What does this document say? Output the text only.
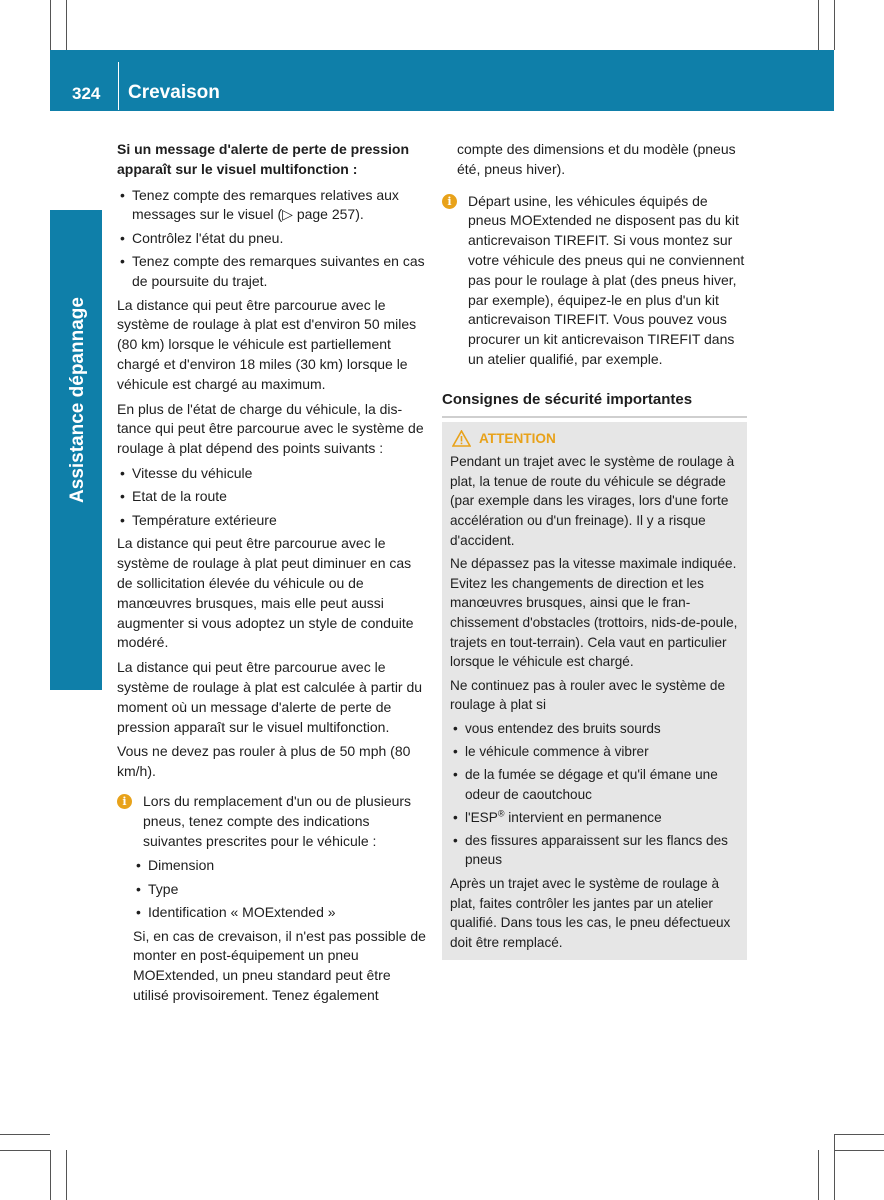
324 Crevaison
Assistance dépannage

Si un message d'alerte de perte de pression apparaît sur le visuel multifonction :

• Tenez compte des remarques relatives aux messages sur le visuel (▷ page 257).
• Contrôlez l'état du pneu.
• Tenez compte des remarques suivantes en cas de poursuite du trajet.

La distance qui peut être parcourue avec le système de roulage à plat est d'environ 50 miles (80 km) lorsque le véhicule est partiellement chargé et d'environ 18 miles (30 km) lorsque le véhicule est chargé au maximum.

En plus de l'état de charge du véhicule, la distance qui peut être parcourue avec le système de roulage à plat dépend des points suivants :

• Vitesse du véhicule
• Etat de la route
• Température extérieure

La distance qui peut être parcourue avec le système de roulage à plat peut diminuer en cas de sollicitation élevée du véhicule ou de manœuvres brusques, mais elle peut aussi augmenter si vous adoptez un style de conduite modéré.

La distance qui peut être parcourue avec le système de roulage à plat est calculée à partir du moment où un message d'alerte de perte de pression apparaît sur le visuel multifonction.

Vous ne devez pas rouler à plus de 50 mph (80 km/h).

i	Lors du remplacement d'un ou de plusieurs pneus, tenez compte des indications suivantes prescrites pour le véhicule :

• Dimension
• Type
• Identification « MOExtended »

Si, en cas de crevaison, il n'est pas possible de monter en post-équipement un pneu MOExtended, un pneu standard peut être utilisé provisoirement. Tenez également

compte des dimensions et du modèle (pneus été, pneus hiver).

i	Départ usine, les véhicules équipés de pneus MOExtended ne disposent pas du kit anticrevaison TIREFIT. Si vous montez sur votre véhicule des pneus qui ne conviennent pas pour le roulage à plat (des pneus hiver, par exemple), équipez-le en plus d'un kit anticrevaison TIREFIT. Vous pouvez vous procurer un kit anticrevaison TIREFIT dans un atelier qualifié, par exemple.

Consignes de sécurité importantes
ATTENTION

Pendant un trajet avec le système de roulage à plat, la tenue de route du véhicule se dégrade (par exemple dans les virages, lors d'une forte accélération ou d'un freinage). Il y a risque d'accident.

Ne dépassez pas la vitesse maximale indiquée. Evitez les changements de direction et les manœuvres brusques, ainsi que le franchissement d'obstacles (trottoirs, nids-de-poule, trajets en tout-terrain). Cela vaut en particulier lorsque le véhicule est chargé.

Ne continuez pas à rouler avec le système de roulage à plat si

• vous entendez des bruits sourds
• le véhicule commence à vibrer
• de la fumée se dégage et qu'il émane une odeur de caoutchouc
• l'ESP® intervient en permanence
• des fissures apparaissent sur les flancs des pneus

Après un trajet avec le système de roulage à plat, faites contrôler les jantes par un atelier qualifié. Dans tous les cas, le pneu défectueux doit être remplacé.
